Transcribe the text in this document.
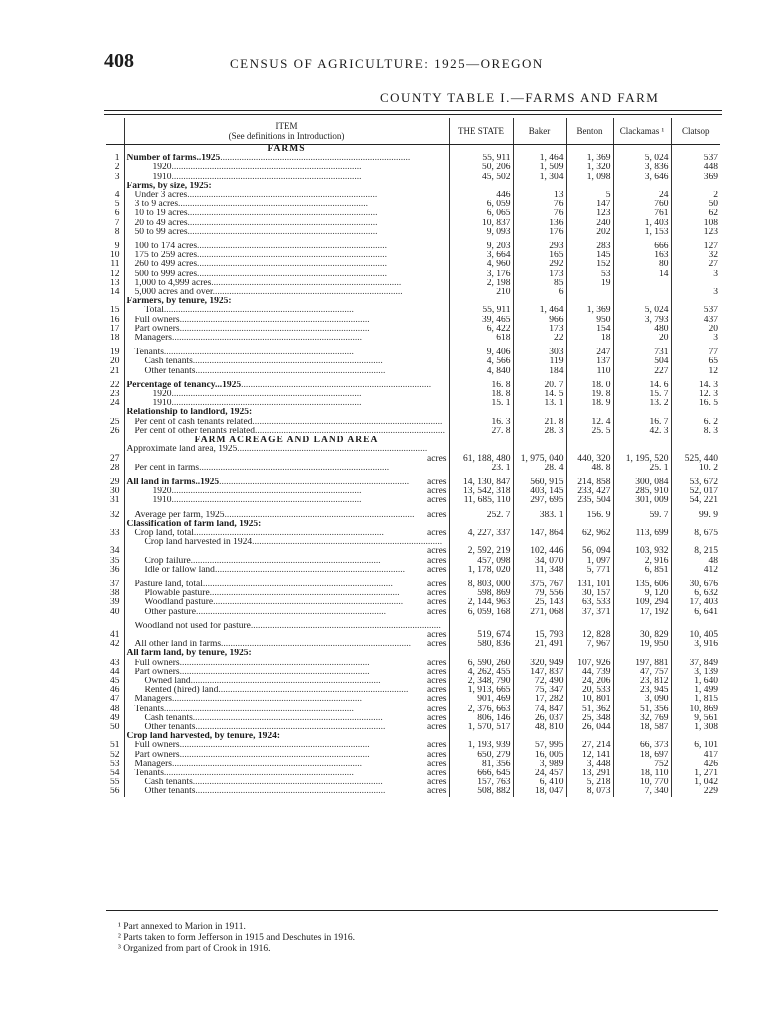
408	CENSUS OF AGRICULTURE: 1925—OREGON
COUNTY TABLE I.—FARMS AND FARM
	ITEM
(See definitions in Introduction)	THE STATE	Baker	Benton	Clackamas ¹	Clatsop
	FARMS					
1	Number of farms..1925................................................................................	55, 911	1, 464	1, 369	5, 024	537
2	1920................................................................................	50, 206	1, 509	1, 320	3, 836	448
3	1910................................................................................	45, 502	1, 304	1, 098	3, 646	369
	Farms, by size, 1925:					
4	Under 3 acres................................................................................	446	13	5	24	2
5	3 to 9 acres................................................................................	6, 059	76	147	760	50
6	10 to 19 acres................................................................................	6, 065	76	123	761	62
7	20 to 49 acres................................................................................	10, 837	136	240	1, 403	108
8	50 to 99 acres................................................................................	9, 093	176	202	1, 153	123

9	100 to 174 acres................................................................................	9, 203	293	283	666	127
10	175 to 259 acres................................................................................	3, 664	165	145	163	32
11	260 to 499 acres................................................................................	4, 960	292	152	80	27
12	500 to 999 acres................................................................................	3, 176	173	53	14	3
13	1,000 to 4,999 acres................................................................................	2, 198	85	19		
14	5,000 acres and over................................................................................	210	6			3
	Farmers, by tenure, 1925:					
15	Total................................................................................	55, 911	1, 464	1, 369	5, 024	537
16	Full owners................................................................................	39, 465	966	950	3, 793	437
17	Part owners................................................................................	6, 422	173	154	480	20
18	Managers................................................................................	618	22	18	20	3

19	Tenants................................................................................	9, 406	303	247	731	77
20	Cash tenants................................................................................	4, 566	119	137	504	65
21	Other tenants................................................................................	4, 840	184	110	227	12

22	Percentage of tenancy...1925................................................................................	16. 8	20. 7	18. 0	14. 6	14. 3
23	1920................................................................................	18. 8	14. 5	19. 8	15. 7	12. 3
24	1910................................................................................	15. 1	13. 1	18. 9	13. 2	16. 5
	Relationship to landlord, 1925:					
25	Per cent of cash tenants related................................................................................	16. 3	21. 8	12. 4	16. 7	6. 2
26	Per cent of other tenants related................................................................................	27. 8	28. 3	25. 5	42. 3	8. 3
	FARM ACREAGE AND LAND AREA					
27	Approximate land area, 1925................................................................................
acres	61, 188, 480	1, 975, 040	440, 320	1, 195, 520	525, 440
28	Per cent in farms................................................................................	23. 1	28. 4	48. 8	25. 1	10. 2

29	All land in farms..1925................................................................................ acres	14, 130, 847	560, 915	214, 858	300, 084	53, 672
30	1920................................................................................ acres	13, 542, 318	403, 145	233, 427	285, 910	52, 017
31	1910................................................................................ acres	11, 685, 110	297, 695	235, 504	301, 009	54, 221

32	Average per farm, 1925................................................................................ acres	252. 7	383. 1	156. 9	59. 7	99. 9
	Classification of farm land, 1925:					
33	Crop land, total................................................................................ acres	4, 227, 337	147, 864	62, 962	113, 699	8, 675
34	Crop land harvested in 1924................................................................................
acres	2, 592, 219	102, 446	56, 094	103, 932	8, 215
35	Crop failure................................................................................ acres	457, 098	34, 070	1, 097	2, 916	48
36	Idle or fallow land................................................................................ acres	1, 178, 020	11, 348	5, 771	6, 851	412

37	Pasture land, total................................................................................ acres	8, 803, 000	375, 767	131, 101	135, 606	30, 676
38	Plowable pasture................................................................................ acres	598, 869	79, 556	30, 157	9, 120	6, 632
39	Woodland pasture................................................................................ acres	2, 144, 963	25, 143	63, 533	109, 294	17, 403
40	Other pasture................................................................................ acres	6, 059, 168	271, 068	37, 371	17, 192	6, 641

41	Woodland not used for pasture................................................................................
acres	519, 674	15, 793	12, 828	30, 829	10, 405
42	All other land in farms................................................................................ acres	580, 836	21, 491	7, 967	19, 950	3, 916
	All farm land, by tenure, 1925:					
43	Full owners................................................................................ acres	6, 590, 260	320, 949	107, 926	197, 881	37, 849
44	Part owners................................................................................ acres	4, 262, 455	147, 837	44, 739	47, 757	3, 139
45	Owned land................................................................................ acres	2, 348, 790	72, 490	24, 206	23, 812	1, 640
46	Rented (hired) land................................................................................ acres	1, 913, 665	75, 347	20, 533	23, 945	1, 499
47	Managers................................................................................ acres	901, 469	17, 282	10, 801	3, 090	1, 815
48	Tenants................................................................................ acres	2, 376, 663	74, 847	51, 362	51, 356	10, 869
49	Cash tenants................................................................................ acres	806, 146	26, 037	25, 348	32, 769	9, 561
50	Other tenants................................................................................ acres	1, 570, 517	48, 810	26, 044	18, 587	1, 308
	Crop land harvested, by tenure, 1924:					
51	Full owners................................................................................ acres	1, 193, 939	57, 995	27, 214	66, 373	6, 101
52	Part owners................................................................................ acres	650, 279	16, 005	12, 141	18, 697	417
53	Managers................................................................................ acres	81, 356	3, 989	3, 448	752	426
54	Tenants................................................................................ acres	666, 645	24, 457	13, 291	18, 110	1, 271
55	Cash tenants................................................................................ acres	157, 763	6, 410	5, 218	10, 770	1, 042
56	Other tenants................................................................................ acres	508, 882	18, 047	8, 073	7, 340	229
¹ Part annexed to Marion in 1911.
² Parts taken to form Jefferson in 1915 and Deschutes in 1916.
³ Organized from part of Crook in 1916.
